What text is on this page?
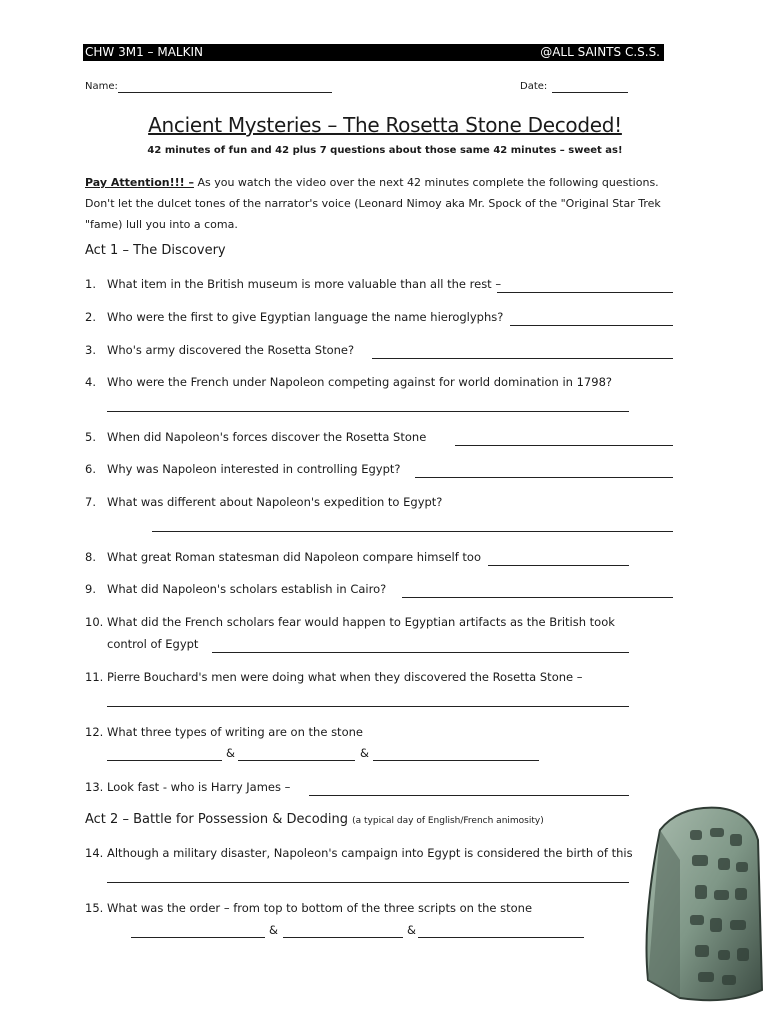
CHW 3M1 – MALKIN	@ALL SAINTS C.S.S.
Name:	Date:
Ancient Mysteries – The Rosetta Stone Decoded!
42 minutes of fun and 42 plus 7 questions about those same 42 minutes – sweet as!
Pay Attention!!! – As you watch the video over the next 42 minutes complete the following questions. Don't let the dulcet tones of the narrator's voice (Leonard Nimoy aka Mr. Spock of the "Original Star Trek "fame) lull you into a coma.
Act 1 – The Discovery
1. What item in the British museum is more valuable than all the rest –
2. Who were the first to give Egyptian language the name hieroglyphs?
3. Who's army discovered the Rosetta Stone?
4. Who were the French under Napoleon competing against for world domination in 1798?
5. When did Napoleon's forces discover the Rosetta Stone
6. Why was Napoleon interested in controlling Egypt?
7. What was different about Napoleon's expedition to Egypt?
8. What great Roman statesman did Napoleon compare himself too
9. What did Napoleon's scholars establish in Cairo?
10. What did the French scholars fear would happen to Egyptian artifacts as the British took
control of Egypt
11. Pierre Bouchard's men were doing what when they discovered the Rosetta Stone –
12. What three types of writing are on the stone
&	&
13. Look fast - who is Harry James –
Act 2 – Battle for Possession & Decoding (a typical day of English/French animosity)
14. Although a military disaster, Napoleon's campaign into Egypt is considered the birth of this
15. What was the order – from top to bottom of the three scripts on the stone
&	&
